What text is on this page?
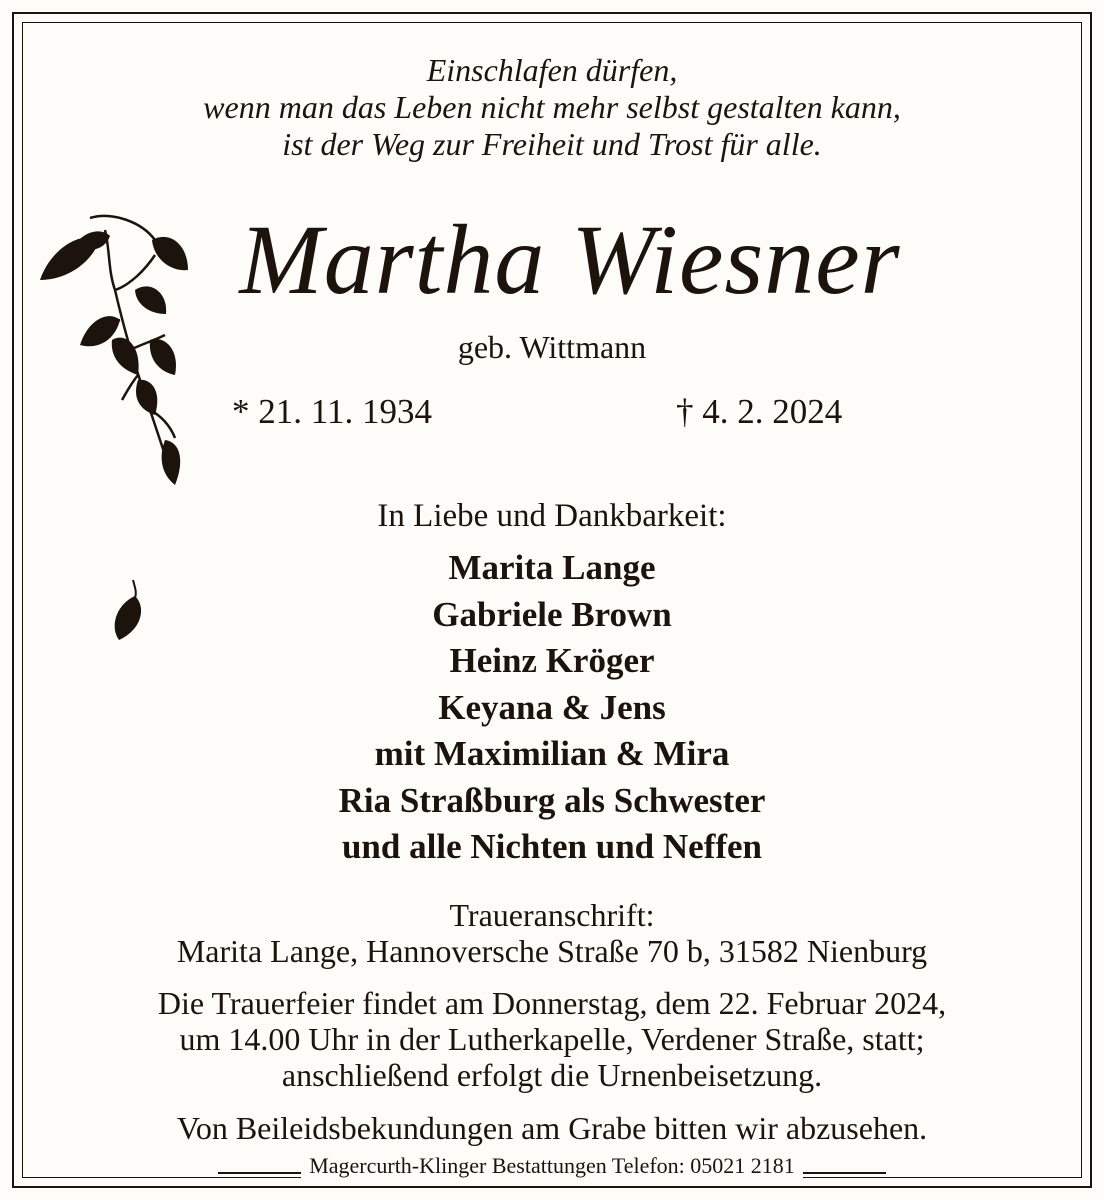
Einschlafen dürfen,
wenn man das Leben nicht mehr selbst gestalten kann,
ist der Weg zur Freiheit und Trost für alle.
Martha Wiesner
geb. Wittmann
* 21. 11. 1934	† 4. 2. 2024
In Liebe und Dankbarkeit:
Marita Lange
Gabriele Brown
Heinz Kröger
Keyana & Jens
mit Maximilian & Mira
Ria Straßburg als Schwester
und alle Nichten und Neffen
Traueranschrift:
Marita Lange, Hannoversche Straße 70 b, 31582 Nienburg
Die Trauerfeier findet am Donnerstag, dem 22. Februar 2024,
um 14.00 Uhr in der Lutherkapelle, Verdener Straße, statt;
anschließend erfolgt die Urnenbeisetzung.
Von Beileidsbekundungen am Grabe bitten wir abzusehen.
Magercurth-Klinger Bestattungen Telefon: 05021 2181
